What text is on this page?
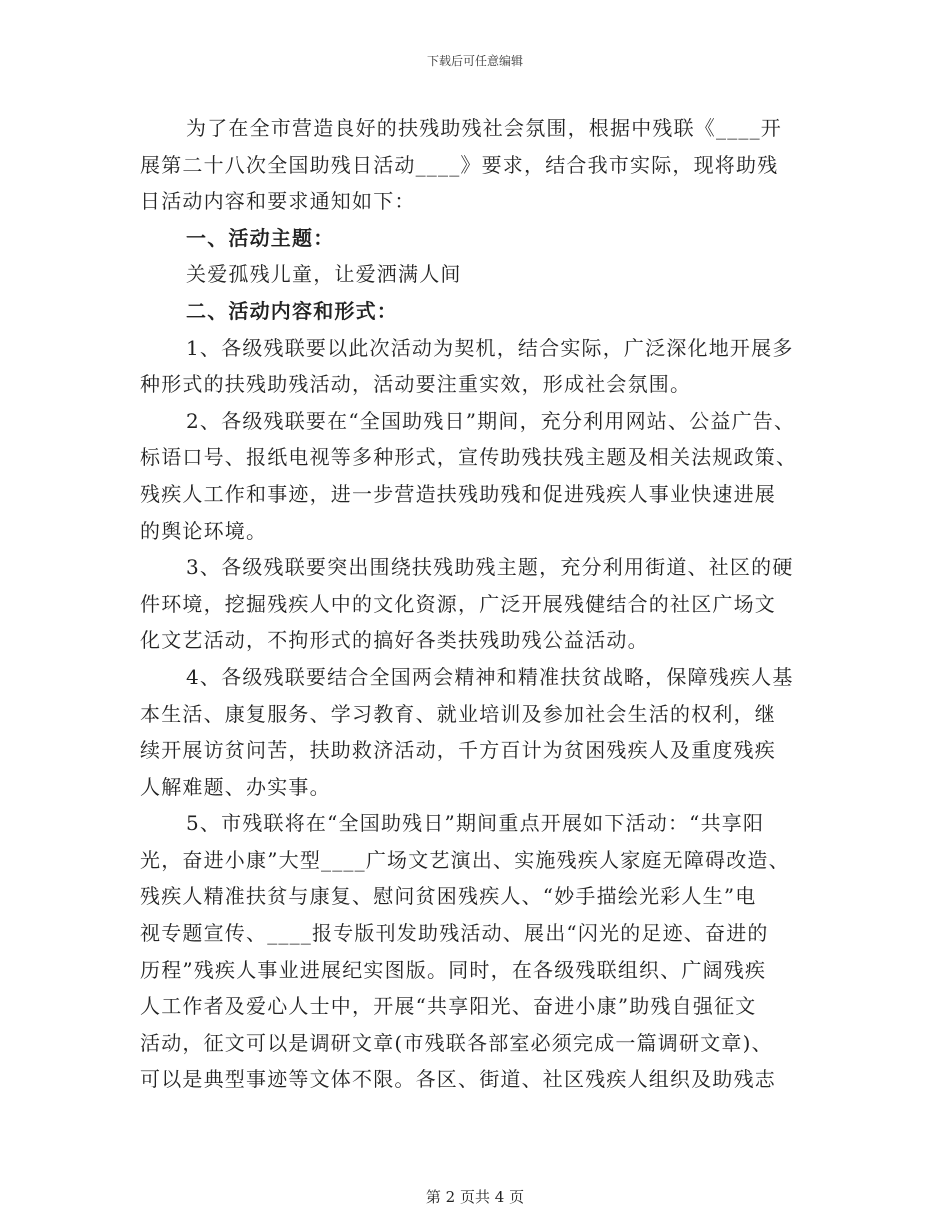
下载后可任意编辑
为了在全市营造良好的扶残助残社会氛围，根据中残联《____开
展第二十八次全国助残日活动____》要求，结合我市实际，现将助残
日活动内容和要求通知如下：
一、活动主题：
关爱孤残儿童，让爱洒满人间
二、活动内容和形式：
1、各级残联要以此次活动为契机，结合实际，广泛深化地开展多
种形式的扶残助残活动，活动要注重实效，形成社会氛围。
2、各级残联要在“全国助残日”期间，充分利用网站、公益广告、
标语口号、报纸电视等多种形式，宣传助残扶残主题及相关法规政策、
残疾人工作和事迹，进一步营造扶残助残和促进残疾人事业快速进展
的舆论环境。
3、各级残联要突出围绕扶残助残主题，充分利用街道、社区的硬
件环境，挖掘残疾人中的文化资源，广泛开展残健结合的社区广场文
化文艺活动，不拘形式的搞好各类扶残助残公益活动。
4、各级残联要结合全国两会精神和精准扶贫战略，保障残疾人基
本生活、康复服务、学习教育、就业培训及参加社会生活的权利，继
续开展访贫问苦，扶助救济活动，千方百计为贫困残疾人及重度残疾
人解难题、办实事。
5、市残联将在“全国助残日”期间重点开展如下活动：“共享阳
光，奋进小康”大型____广场文艺演出、实施残疾人家庭无障碍改造、
残疾人精准扶贫与康复、慰问贫困残疾人、“妙手描绘光彩人生”电
视专题宣传、____报专版刊发助残活动、展出“闪光的足迹、奋进的
历程”残疾人事业进展纪实图版。同时，在各级残联组织、广阔残疾
人工作者及爱心人士中，开展“共享阳光、奋进小康”助残自强征文
活动，征文可以是调研文章(市残联各部室必须完成一篇调研文章)、
可以是典型事迹等文体不限。各区、街道、社区残疾人组织及助残志
第 2 页共 4 页
